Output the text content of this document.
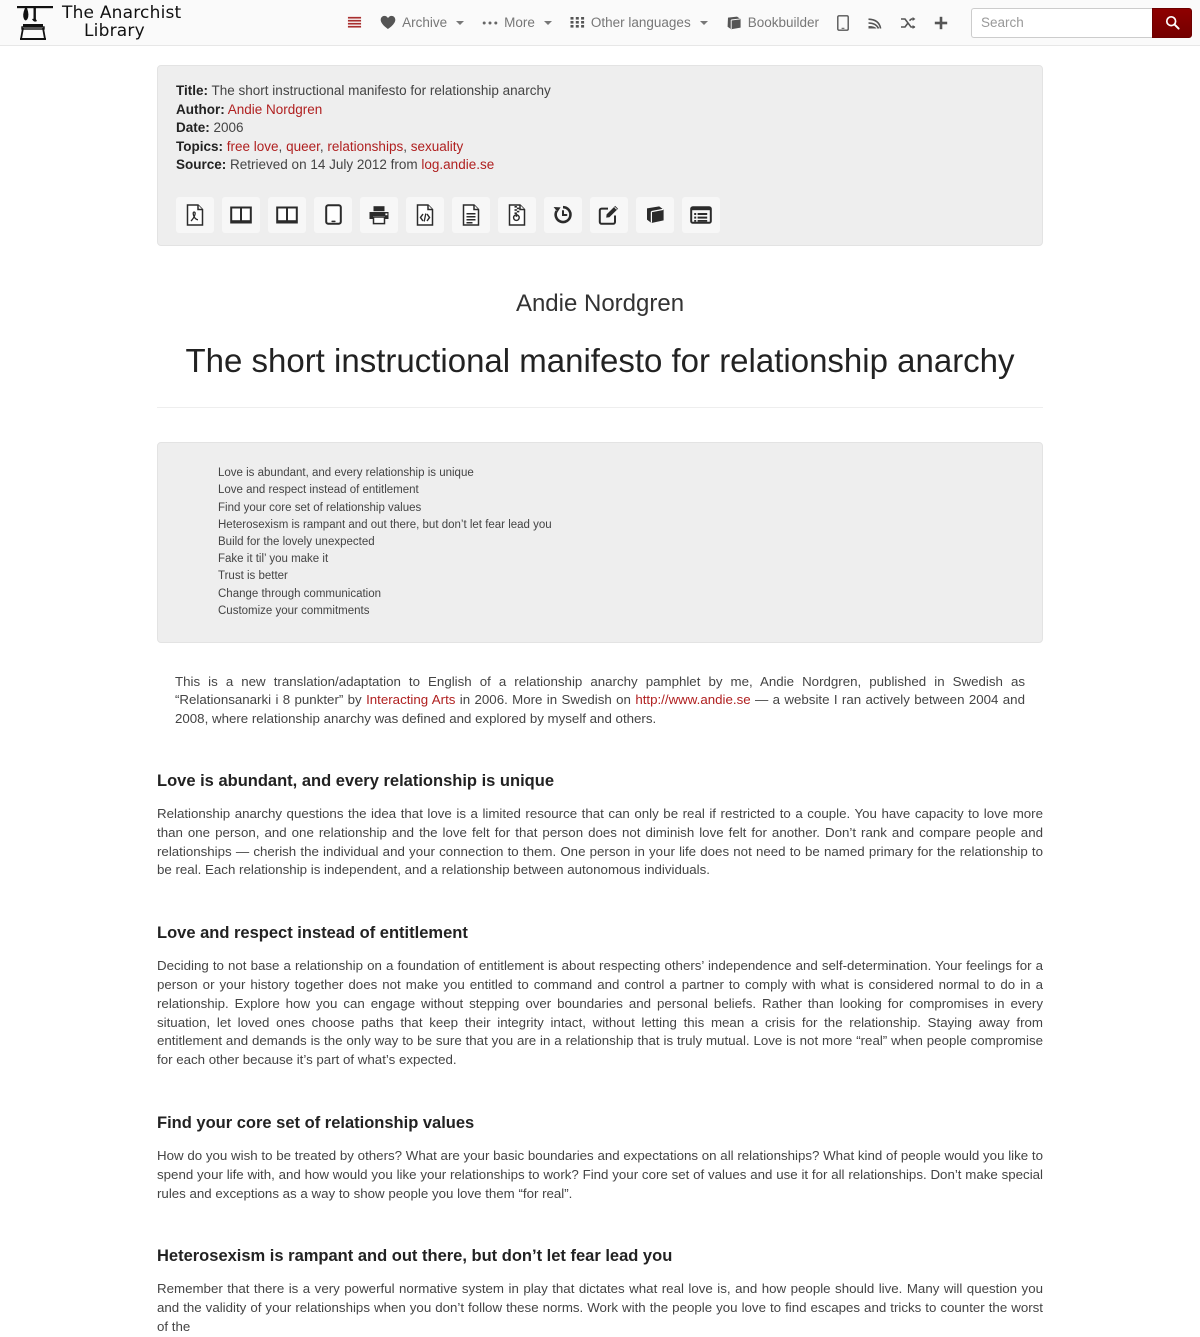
The Anarchist
Library	Archive	More	Other languages	Bookbuilder
Search
Title: The short instructional manifesto for relationship anarchy
Author: Andie Nordgren
Date: 2006
Topics: free love, queer, relationships, sexuality
Source: Retrieved on 14 July 2012 from log.andie.se
Andie Nordgren
The short instructional manifesto for relationship anarchy
Love is abundant, and every relationship is unique
Love and respect instead of entitlement
Find your core set of relationship values
Heterosexism is rampant and out there, but don’t let fear lead you
Build for the lovely unexpected
Fake it til’ you make it
Trust is better
Change through communication
Customize your commitments

This is a new translation/adaptation to English of a relationship anarchy pamphlet by me, Andie Nordgren, published in Swedish as “Relationsanarki i 8 punkter” by Interacting Arts in 2006. More in Swedish on http://www.andie.se — a website I ran actively between 2004 and 2008, where relationship anarchy was defined and explored by myself and others.

Love is abundant, and every relationship is unique

Relationship anarchy questions the idea that love is a limited resource that can only be real if restricted to a couple. You have capacity to love more than one person, and one relationship and the love felt for that person does not diminish love felt for another. Don’t rank and compare people and relationships — cherish the individual and your connection to them. One person in your life does not need to be named primary for the relationship to be real. Each relationship is independent, and a relationship between autonomous individuals.

Love and respect instead of entitlement

Deciding to not base a relationship on a foundation of entitlement is about respecting others’ independence and self-determination. Your feelings for a person or your history together does not make you entitled to command and control a partner to comply with what is considered normal to do in a relationship. Explore how you can engage without stepping over boundaries and personal beliefs. Rather than looking for compromises in every situation, let loved ones choose paths that keep their integrity intact, without letting this mean a crisis for the relationship. Staying away from entitlement and demands is the only way to be sure that you are in a relationship that is truly mutual. Love is not more “real” when people compromise for each other because it’s part of what’s expected.

Find your core set of relationship values

How do you wish to be treated by others? What are your basic boundaries and expectations on all relationships? What kind of people would you like to spend your life with, and how would you like your relationships to work? Find your core set of values and use it for all relationships. Don’t make special rules and exceptions as a way to show people you love them “for real”.

Heterosexism is rampant and out there, but don’t let fear lead you

Remember that there is a very powerful normative system in play that dictates what real love is, and how people should live. Many will question you and the validity of your relationships when you don’t follow these norms. Work with the people you love to find escapes and tricks to counter the worst of the
